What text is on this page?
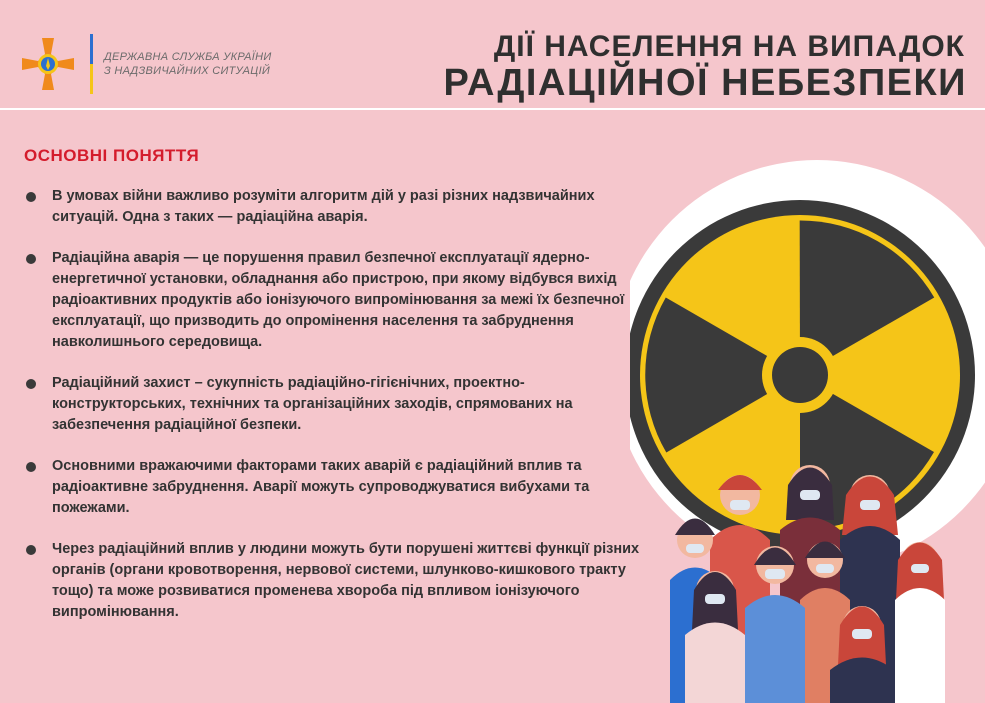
ДЕРЖАВНА СЛУЖБА УКРАЇНИ
З НАДЗВИЧАЙНИХ СИТУАЦІЙ
ДІЇ НАСЕЛЕННЯ НА ВИПАДОК
РАДІАЦІЙНОЇ НЕБЕЗПЕКИ
ОСНОВНІ ПОНЯТТЯ
В умовах війни важливо розуміти алгоритм дій у разі різних надзвичайних ситуацій. Одна з таких — радіаційна аварія.
Радіаційна аварія — це порушення правил безпечної експлуатації ядерно-енергетичної установки, обладнання або пристрою, при якому відбувся вихід радіоактивних продуктів або іонізуючого випромінювання за межі їх безпечної експлуатації, що призводить до опромінення населення та забруднення навколишнього середовища.
Радіаційний захист – сукупність радіаційно-гігієнічних, проектно-конструкторських, технічних та організаційних заходів, спрямованих на забезпечення радіаційної безпеки.
Основними вражаючими факторами таких аварій є радіаційний вплив та радіоактивне забруднення. Аварії можуть супроводжуватися вибухами та пожежами.
Через радіаційний вплив у людини можуть бути порушені життєві функції різних органів (органи кровотворення, нервової системи, шлунково-кишкового тракту тощо) та може розвиватися променева хвороба під впливом іонізуючого випромінювання.
